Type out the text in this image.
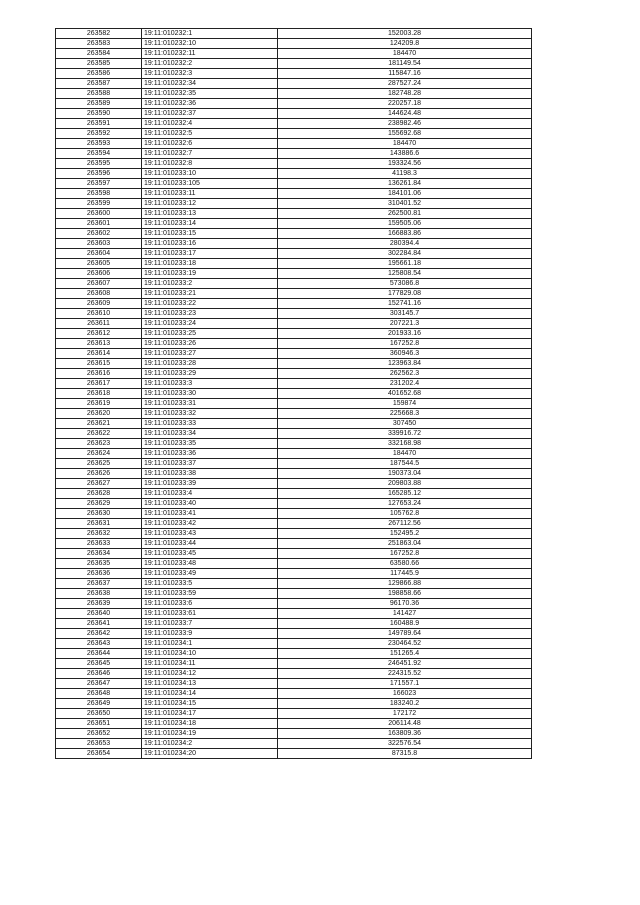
263582	19:11:010232:1	152003.28
263583	19:11:010232:10	124209.8
263584	19:11:010232:11	184470
263585	19:11:010232:2	181149.54
263586	19:11:010232:3	115847.16
263587	19:11:010232:34	287527.24
263588	19:11:010232:35	182748.28
263589	19:11:010232:36	220257.18
263590	19:11:010232:37	144624.48
263591	19:11:010232:4	238982.46
263592	19:11:010232:5	155692.68
263593	19:11:010232:6	184470
263594	19:11:010232:7	143886.6
263595	19:11:010232:8	193324.56
263596	19:11:010233:10	41198.3
263597	19:11:010233:105	136261.84
263598	19:11:010233:11	184101.06
263599	19:11:010233:12	310401.52
263600	19:11:010233:13	262500.81
263601	19:11:010233:14	159505.06
263602	19:11:010233:15	166883.86
263603	19:11:010233:16	280394.4
263604	19:11:010233:17	302284.84
263605	19:11:010233:18	195661.18
263606	19:11:010233:19	125808.54
263607	19:11:010233:2	573086.8
263608	19:11:010233:21	177829.08
263609	19:11:010233:22	152741.16
263610	19:11:010233:23	303145.7
263611	19:11:010233:24	207221.3
263612	19:11:010233:25	201933.16
263613	19:11:010233:26	167252.8
263614	19:11:010233:27	360946.3
263615	19:11:010233:28	123963.84
263616	19:11:010233:29	262562.3
263617	19:11:010233:3	231202.4
263618	19:11:010233:30	401652.68
263619	19:11:010233:31	159874
263620	19:11:010233:32	225668.3
263621	19:11:010233:33	307450
263622	19:11:010233:34	339916.72
263623	19:11:010233:35	332168.98
263624	19:11:010233:36	184470
263625	19:11:010233:37	187544.5
263626	19:11:010233:38	190373.04
263627	19:11:010233:39	209803.88
263628	19:11:010233:4	165285.12
263629	19:11:010233:40	127653.24
263630	19:11:010233:41	105762.8
263631	19:11:010233:42	267112.56
263632	19:11:010233:43	152495.2
263633	19:11:010233:44	251863.04
263634	19:11:010233:45	167252.8
263635	19:11:010233:48	63580.66
263636	19:11:010233:49	117445.9
263637	19:11:010233:5	129866.88
263638	19:11:010233:59	198858.66
263639	19:11:010233:6	96170.36
263640	19:11:010233:61	141427
263641	19:11:010233:7	160488.9
263642	19:11:010233:9	149789.64
263643	19:11:010234:1	230464.52
263644	19:11:010234:10	151265.4
263645	19:11:010234:11	246451.92
263646	19:11:010234:12	224315.52
263647	19:11:010234:13	171557.1
263648	19:11:010234:14	166023
263649	19:11:010234:15	183240.2
263650	19:11:010234:17	172172
263651	19:11:010234:18	206114.48
263652	19:11:010234:19	163809.36
263653	19:11:010234:2	322576.54
263654	19:11:010234:20	87315.8
